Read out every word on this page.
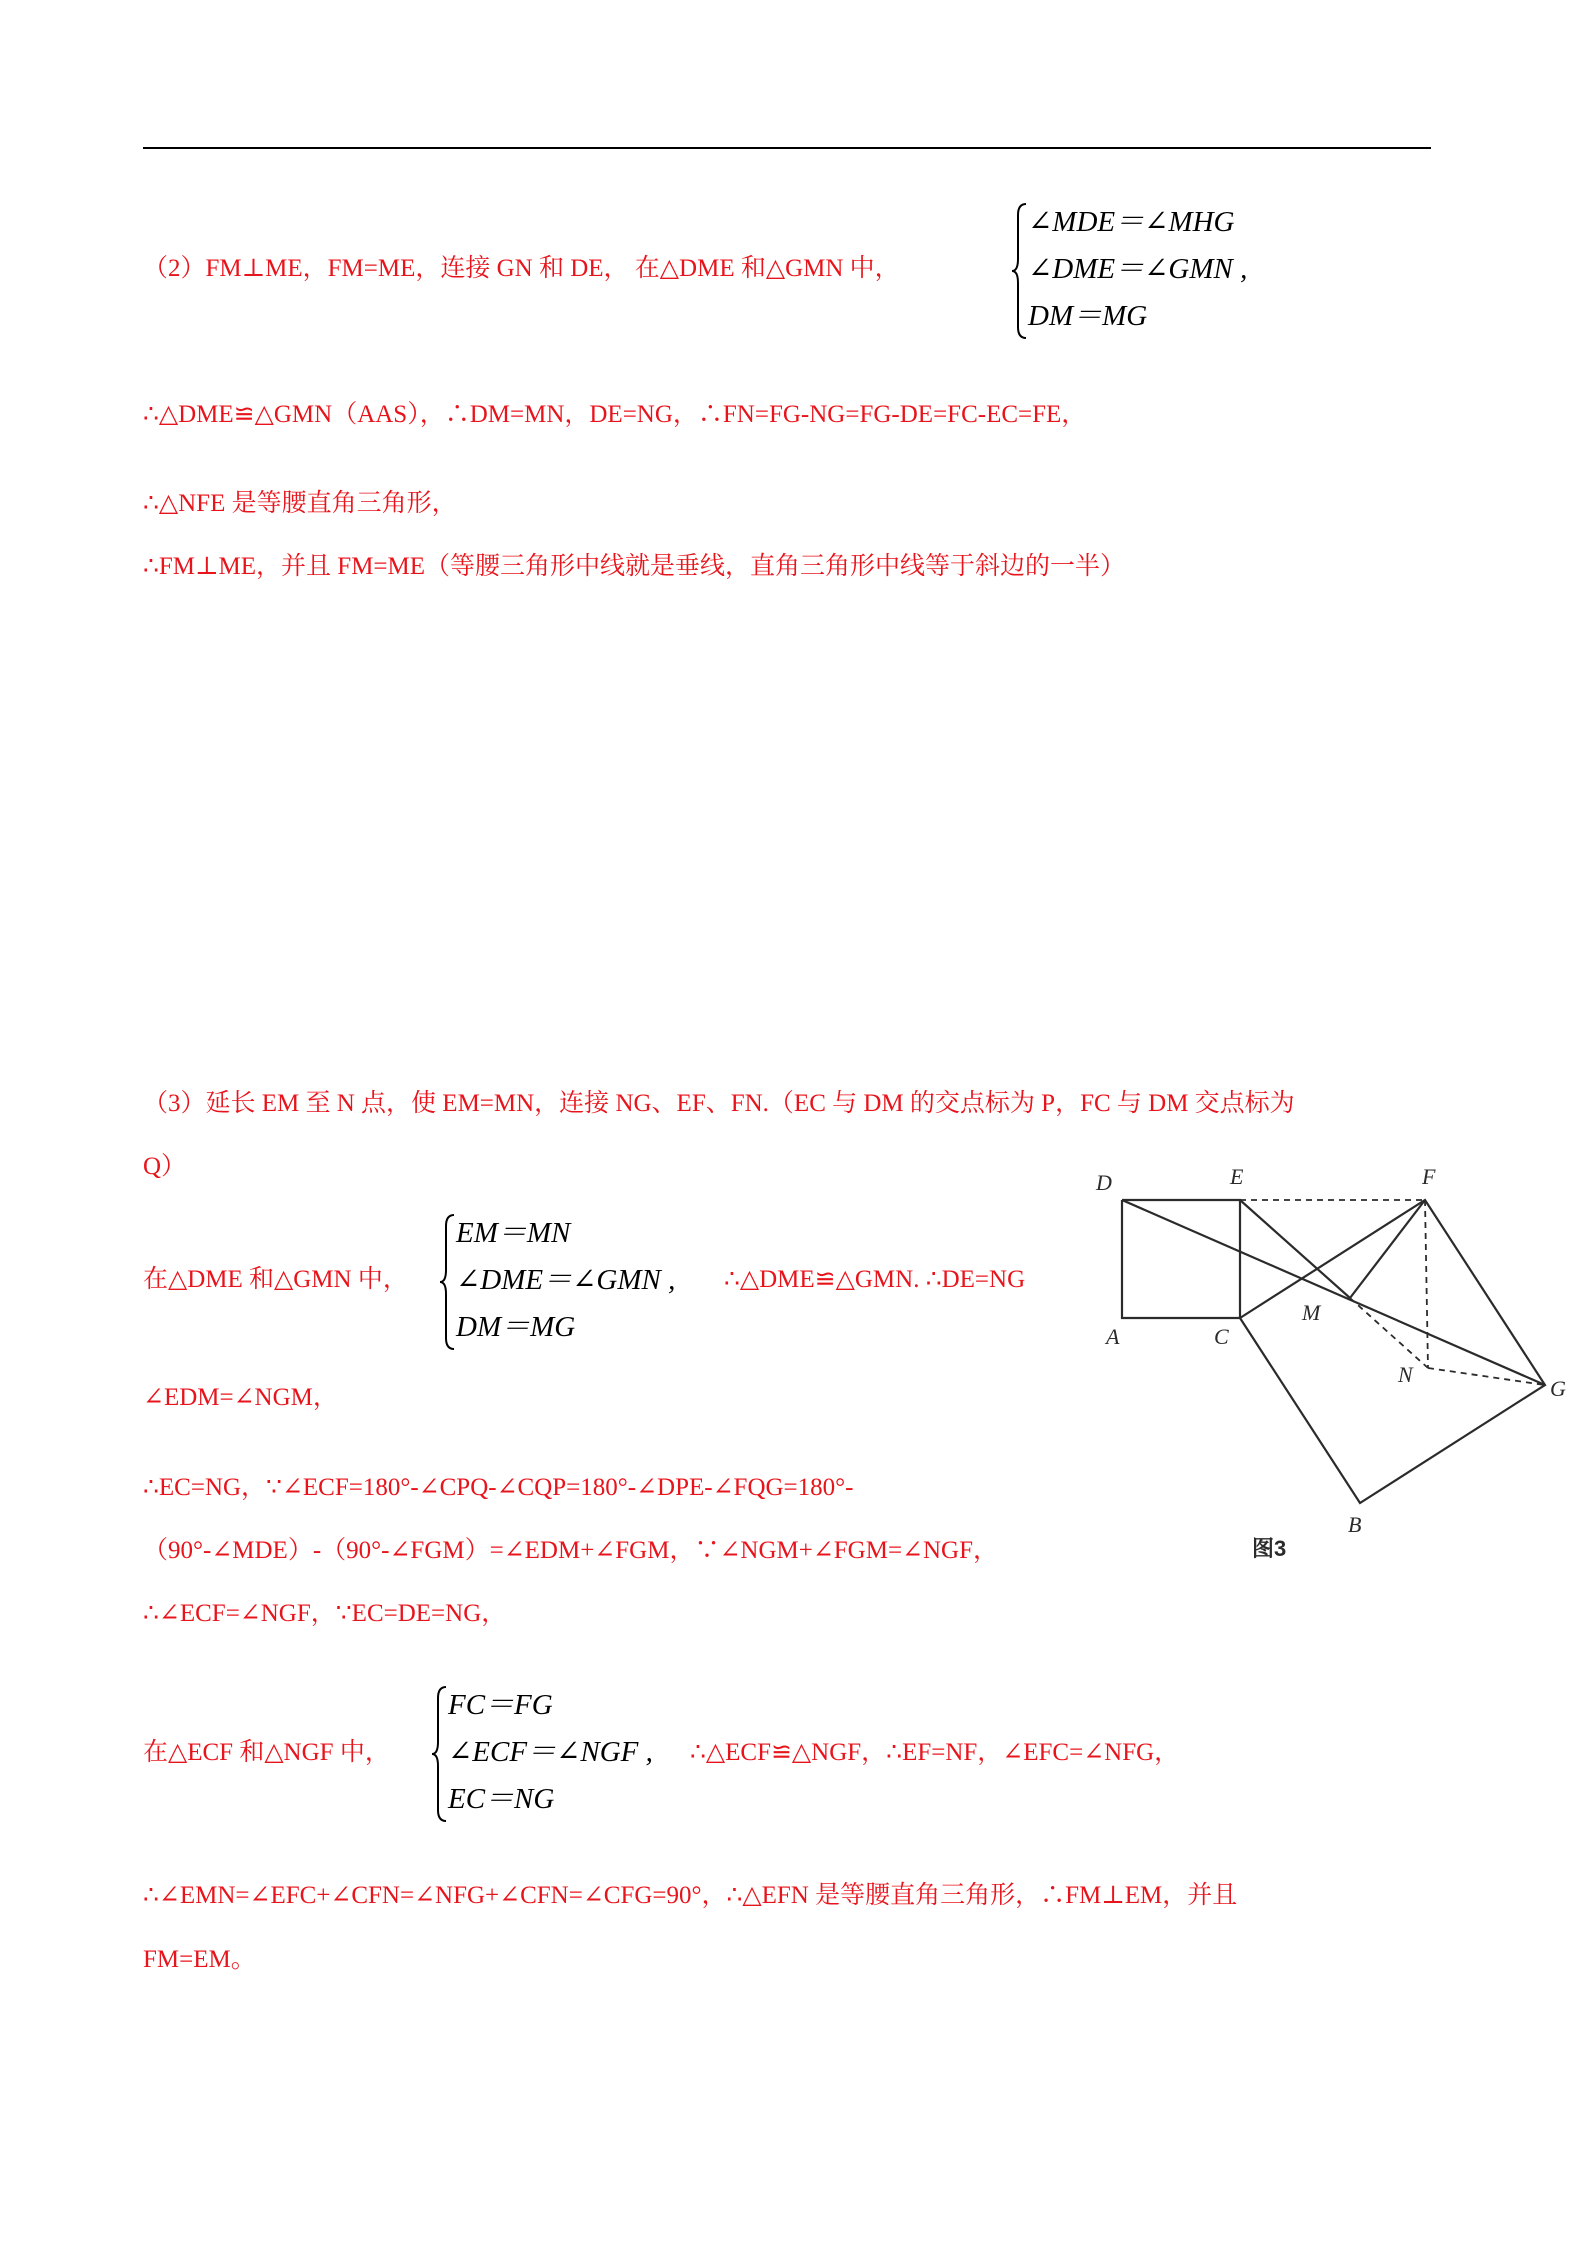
（2）FM⊥ME，FM=ME，连接 GN 和 DE， 在△DME 和△GMN 中，
∠MDE＝∠MHG
∠DME＝∠GMN ,
DM＝MG
∴△DME≌△GMN（AAS），∴DM=MN，DE=NG，∴FN=FG-NG=FG-DE=FC-EC=FE，
∴△NFE 是等腰直角三角形，
∴FM⊥ME，并且 FM=ME（等腰三角形中线就是垂线，直角三角形中线等于斜边的一半）
（3）延长 EM 至 N 点，使 EM=MN，连接 NG、EF、FN.（EC 与 DM 的交点标为 P，FC 与 DM 交点标为
Q）
在△DME 和△GMN 中，
EM＝MN
∠DME＝∠GMN ,
DM＝MG
∴△DME≌△GMN. ∴DE=NG
∠EDM=∠NGM，
∴EC=NG，∵∠ECF=180°-∠CPQ-∠CQP=180°-∠DPE-∠FQG=180°-
（90°-∠MDE）-（90°-∠FGM）=∠EDM+∠FGM，∵∠NGM+∠FGM=∠NGF，
∴∠ECF=∠NGF，∵EC=DE=NG，
在△ECF 和△NGF 中，
FC＝FG
∠ECF＝∠NGF ,
EC＝NG
∴△ECF≌△NGF，∴EF=NF，∠EFC=∠NFG，
∴∠EMN=∠EFC+∠CFN=∠NFG+∠CFN=∠CFG=90°，∴△EFN 是等腰直角三角形，∴FM⊥EM，并且
FM=EM。
D	E	F
A	C
M
N
G
B
图3
